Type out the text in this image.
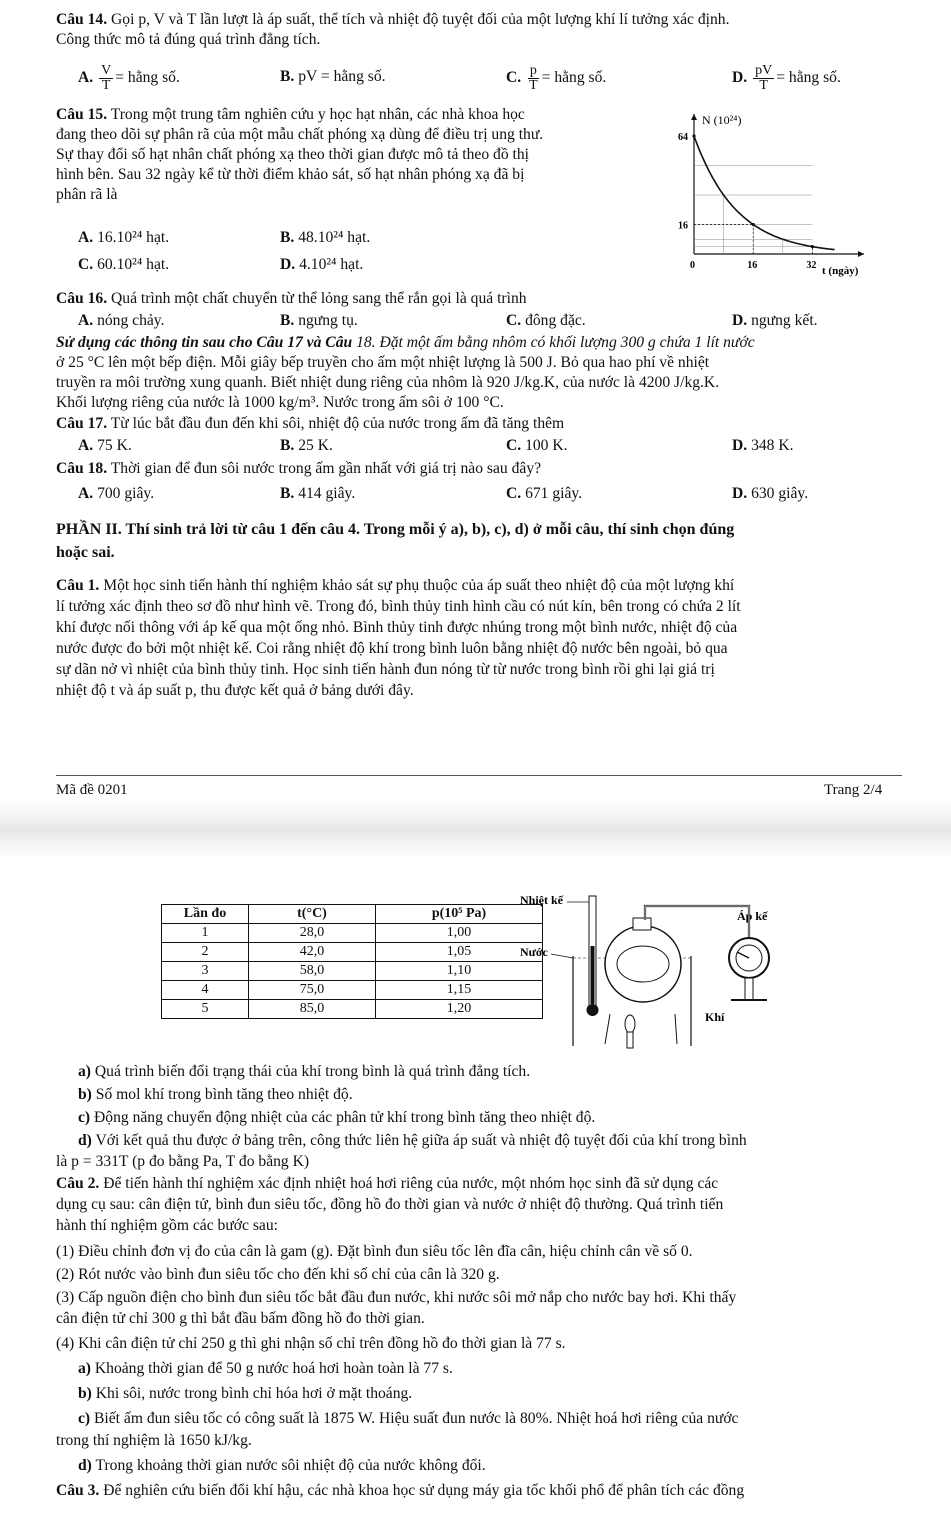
Câu 14. Gọi p, V và T lần lượt là áp suất, thể tích và nhiệt độ tuyệt đối của một lượng khí lí tưởng xác định.
Công thức mô tả đúng quá trình đẳng tích.
A. $\frac{V}{T}$ = hằng số.	B. pV = hằng số.	C. $\frac{p}{T}$ = hằng số.	D. $\frac{pV}{T}$ = hằng số.
Câu 15. Trong một trung tâm nghiên cứu y học hạt nhân, các nhà khoa học
đang theo dõi sự phân rã của một mẫu chất phóng xạ dùng để điều trị ung thư.
Sự thay đổi số hạt nhân chất phóng xạ theo thời gian được mô tả theo đồ thị
hình bên. Sau 32 ngày kể từ thời điểm khảo sát, số hạt nhân phóng xạ đã bị
phân rã là
A. 16.10²⁴ hạt.	B. 48.10²⁴ hạt.
C. 60.10²⁴ hạt.	D. 4.10²⁴ hạt.
N (10²⁴)
t (ngày)
0	16	32
64
16
Câu 16. Quá trình một chất chuyển từ thể lỏng sang thể rắn gọi là quá trình
A. nóng chảy.	B. ngưng tụ.	C. đông đặc.	D. ngưng kết.
Sử dụng các thông tin sau cho Câu 17 và Câu 18. Đặt một ấm bằng nhôm có khối lượng 300 g chứa 1 lít nước
ở 25 °C lên một bếp điện. Mỗi giây bếp truyền cho ấm một nhiệt lượng là 500 J. Bỏ qua hao phí về nhiệt
truyền ra môi trường xung quanh. Biết nhiệt dung riêng của nhôm là 920 J/kg.K, của nước là 4200 J/kg.K.
Khối lượng riêng của nước là 1000 kg/m³. Nước trong ấm sôi ở 100 °C.
Câu 17. Từ lúc bắt đầu đun đến khi sôi, nhiệt độ của nước trong ấm đã tăng thêm
A. 75 K.	B. 25 K.	C. 100 K.	D. 348 K.
Câu 18. Thời gian để đun sôi nước trong ấm gần nhất với giá trị nào sau đây?
A. 700 giây.	B. 414 giây.	C. 671 giây.	D. 630 giây.
PHẦN II. Thí sinh trả lời từ câu 1 đến câu 4. Trong mỗi ý a), b), c), d) ở mỗi câu, thí sinh chọn đúng
hoặc sai.
Câu 1. Một học sinh tiến hành thí nghiệm khảo sát sự phụ thuộc của áp suất theo nhiệt độ của một lượng khí
lí tưởng xác định theo sơ đồ như hình vẽ. Trong đó, bình thủy tinh hình cầu có nút kín, bên trong có chứa 2 lít
khí được nối thông với áp kế qua một ống nhỏ. Bình thủy tinh được nhúng trong một bình nước, nhiệt độ của
nước được đo bởi một nhiệt kế. Coi rằng nhiệt độ khí trong bình luôn bằng nhiệt độ nước bên ngoài, bỏ qua
sự dãn nở vì nhiệt của bình thủy tinh. Học sinh tiến hành đun nóng từ từ nước trong bình rồi ghi lại giá trị
nhiệt độ t và áp suất p, thu được kết quả ở bảng dưới đây.
Mã đề 0201	Trang 2/4
Lần đo	t(°C)	p(10⁵ Pa)
1	28,0	1,00
2	42,0	1,05
3	58,0	1,10
4	75,0	1,15
5	85,0	1,20
Nhiệt kế
Nước
Áp kế
Khí
a) Quá trình biến đổi trạng thái của khí trong bình là quá trình đẳng tích.
b) Số mol khí trong bình tăng theo nhiệt độ.
c) Động năng chuyển động nhiệt của các phân tử khí trong bình tăng theo nhiệt độ.
d) Với kết quả thu được ở bảng trên, công thức liên hệ giữa áp suất và nhiệt độ tuyệt đối của khí trong bình
là p = 331T (p đo bằng Pa, T đo bằng K)
Câu 2. Để tiến hành thí nghiệm xác định nhiệt hoá hơi riêng của nước, một nhóm học sinh đã sử dụng các
dụng cụ sau: cân điện tử, bình đun siêu tốc, đồng hồ đo thời gian và nước ở nhiệt độ thường. Quá trình tiến
hành thí nghiệm gồm các bước sau:
(1) Điều chỉnh đơn vị đo của cân là gam (g). Đặt bình đun siêu tốc lên đĩa cân, hiệu chỉnh cân về số 0.
(2) Rót nước vào bình đun siêu tốc cho đến khi số chỉ của cân là 320 g.
(3) Cấp nguồn điện cho bình đun siêu tốc bắt đầu đun nước, khi nước sôi mở nắp cho nước bay hơi. Khi thấy
cân điện tử chỉ 300 g thì bắt đầu bấm đồng hồ đo thời gian.
(4) Khi cân điện tử chỉ 250 g thì ghi nhận số chỉ trên đồng hồ đo thời gian là 77 s.
a) Khoảng thời gian để 50 g nước hoá hơi hoàn toàn là 77 s.
b) Khi sôi, nước trong bình chỉ hóa hơi ở mặt thoáng.
c) Biết ấm đun siêu tốc có công suất là 1875 W. Hiệu suất đun nước là 80%. Nhiệt hoá hơi riêng của nước
trong thí nghiệm là 1650 kJ/kg.
d) Trong khoảng thời gian nước sôi nhiệt độ của nước không đổi.
Câu 3. Để nghiên cứu biến đổi khí hậu, các nhà khoa học sử dụng máy gia tốc khối phổ để phân tích các đồng
